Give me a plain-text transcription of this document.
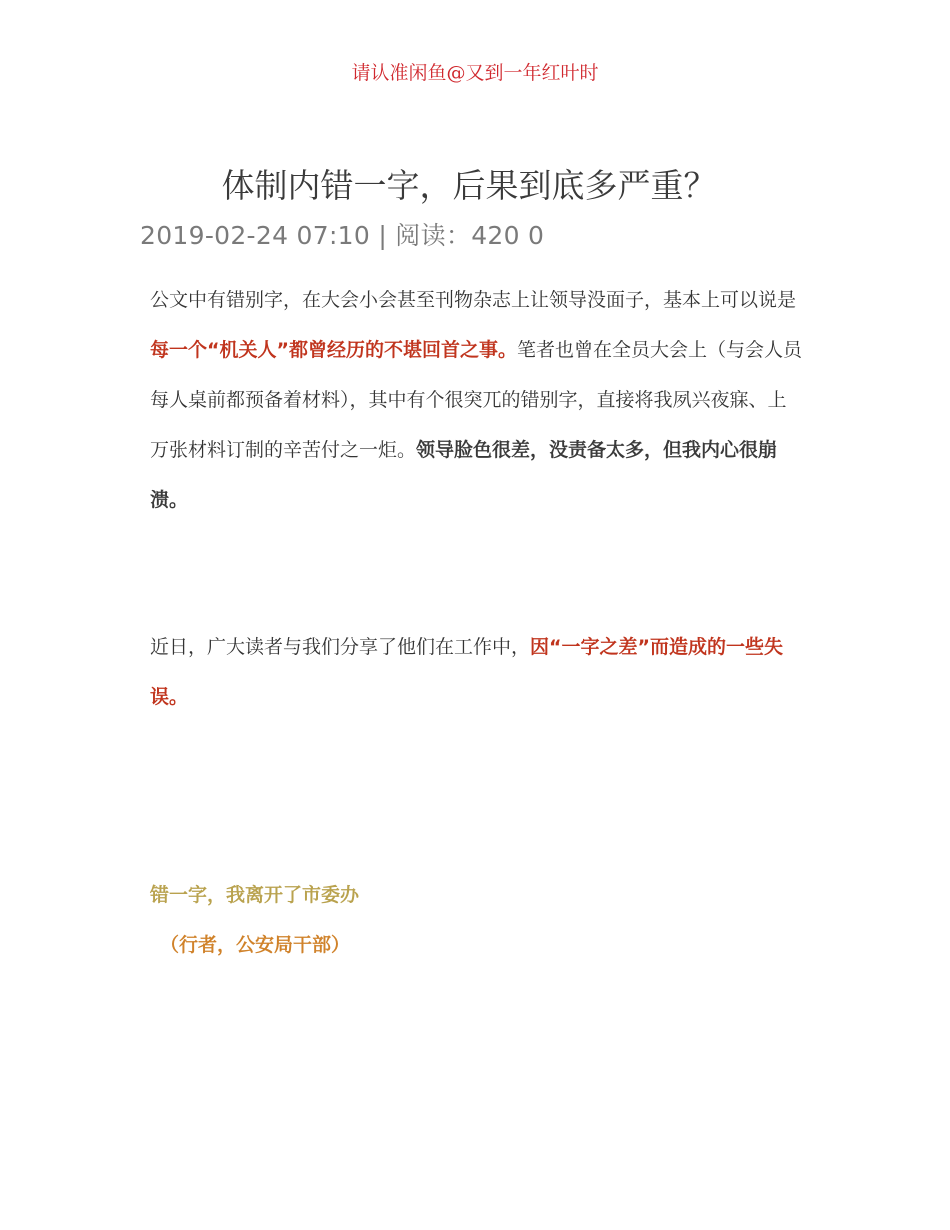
请认准闲鱼@又到一年红叶时
体制内错一字，后果到底多严重？
2019-02-24 07:10 | 阅读：420 0

公文中有错别字，在大会小会甚至刊物杂志上让领导没面子，基本上可以说是每一个“机关人”都曾经历的不堪回首之事。笔者也曾在全员大会上（与会人员每人桌前都预备着材料），其中有个很突兀的错别字，直接将我夙兴夜寐、上万张材料订制的辛苦付之一炬。领导脸色很差，没责备太多，但我内心很崩溃。

近日，广大读者与我们分享了他们在工作中，因“一字之差”而造成的一些失误。

错一字，我离开了市委办
（行者，公安局干部）
